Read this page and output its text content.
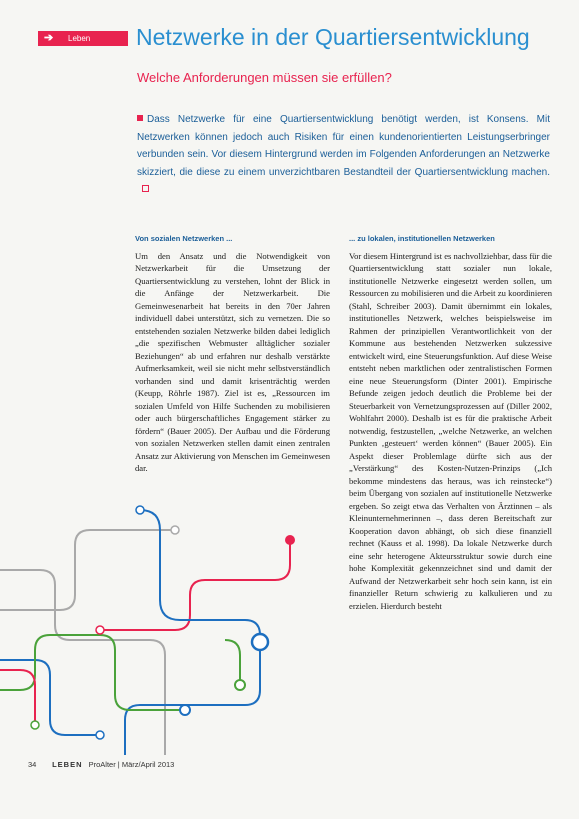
➔ Leben Netzwerke in der Quartiersentwicklung
Welche Anforderungen müssen sie erfüllen?
Dass Netzwerke für eine Quartiersentwicklung benötigt werden, ist Konsens. Mit Netzwerken können jedoch auch Risiken für einen kundenorientierten Leistungserbringer verbunden sein. Vor diesem Hintergrund werden im Folgenden Anforderungen an Netzwerke skizziert, die diese zu einem unverzichtbaren Bestandteil der Quartiersentwicklung machen.
Von sozialen Netzwerken ...

Um den Ansatz und die Notwendigkeit von Netzwerkarbeit für die Umsetzung der Quartiersentwicklung zu verstehen, lohnt der Blick in die Anfänge der Netzwerkarbeit. Die Gemeinwesenarbeit hat bereits in den 70er Jahren individuell dabei unterstützt, sich zu vernetzen. Die so entstehenden sozialen Netzwerke bilden dabei lediglich „die spezifischen Webmuster alltäglicher sozialer Beziehungen“ ab und erfahren nur deshalb verstärkte Aufmerksamkeit, weil sie nicht mehr selbstverständlich vorhanden sind und damit krisenträchtig werden (Keupp, Röhrle 1987). Ziel ist es, „Ressourcen im sozialen Umfeld von Hilfe Suchenden zu mobilisieren oder auch bürgerschaftliches Engagement stärker zu fördern“ (Bauer 2005). Der Aufbau und die Förderung von sozialen Netzwerken stellen damit einen zentralen Ansatz zur Aktivierung von Menschen im Gemeinwesen dar.

... zu lokalen, institutionellen Netzwerken

Vor diesem Hintergrund ist es nachvollziehbar, dass für die Quartiersentwicklung statt sozialer nun lokale, institutionelle Netzwerke eingesetzt werden sollen, um Ressourcen zu mobilisieren und die Arbeit zu koordinieren (Stahl, Schreiber 2003). Damit übernimmt ein lokales, institutionelles Netzwerk, welches beispielsweise im Rahmen der prinzipiellen Verantwortlichkeit von der Kommune aus bestehenden Netzwerken sukzessive entwickelt wird, eine Steuerungsfunktion. Auf diese Weise entsteht neben marktlichen oder zentralistischen Formen eine neue Steuerungsform (Dinter 2001). Empirische Befunde zeigen jedoch deutlich die Probleme bei der Steuerbarkeit von Vernetzungsprozessen auf (Diller 2002, Wohlfahrt 2000). Deshalb ist es für die praktische Arbeit notwendig, festzustellen, „welche Netzwerke, an welchen Punkten ‚gesteuert‘ werden können“ (Bauer 2005). Ein Aspekt dieser Problemlage dürfte sich aus der „Verstärkung“ des Kosten-Nutzen-Prinzips („Ich bekomme mindestens das heraus, was ich reinstecke“) beim Übergang von sozialen auf institutionelle Netzwerke ergeben. So zeigt etwa das Verhalten von Ärztinnen – als Kleinunternehmerinnen –, dass deren Bereitschaft zur Kooperation davon abhängt, ob sich diese finanziell rechnet (Kauss et al. 1998). Da lokale Netzwerke durch eine sehr heterogene Akteursstruktur sowie durch eine hohe Komplexität gekennzeichnet sind und damit der Aufwand der Netzwerkarbeit sehr hoch sein kann, ist ein finanzieller Return schwierig zu kalkulieren und zu erzielen. Hierdurch besteht

34 LEBEN ProAlter | März/April 2013
